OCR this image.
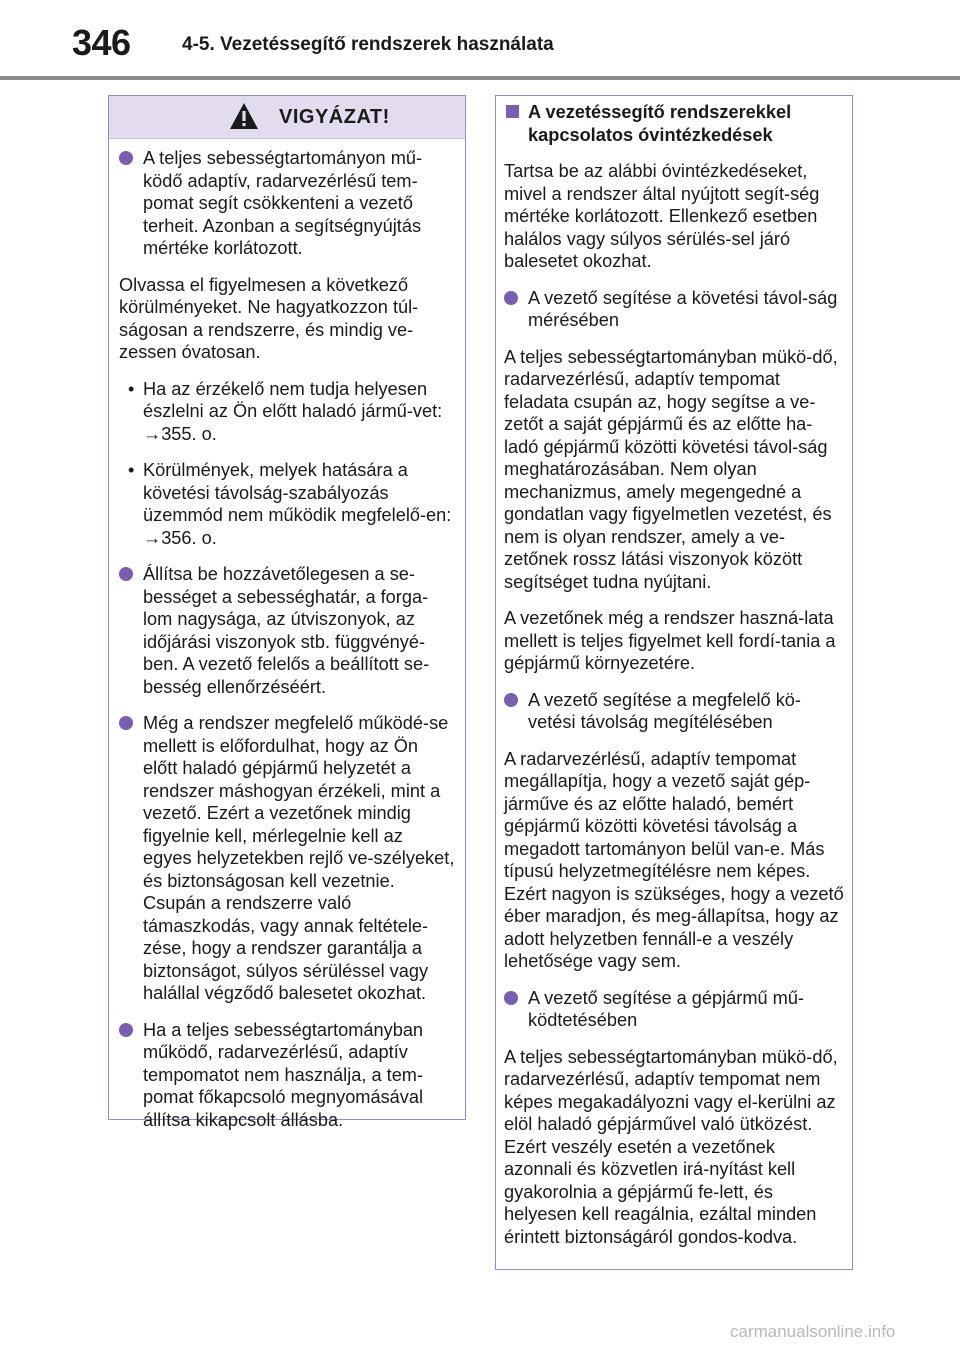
346	4-5. Vezetéssegítő rendszerek használata
VIGYÁZAT!
A teljes sebességtartományon mű-ködő adaptív, radarvezérlésű tem-pomat segít csökkenteni a vezető terheit. Azonban a segítségnyújtás mértéke korlátozott.
Olvassa el figyelmesen a következő körülményeket. Ne hagyatkozzon túl-ságosan a rendszerre, és mindig ve-zessen óvatosan.
• Ha az érzékelő nem tudja helyesen észlelni az Ön előtt haladó jármű-vet: →355. o.
• Körülmények, melyek hatására a követési távolság-szabályozás üzemmód nem működik megfelelő-en: →356. o.
Állítsa be hozzávetőlegesen a se-bességet a sebességhatár, a forga-lom nagysága, az útviszonyok, az időjárási viszonyok stb. függvényé-ben. A vezető felelős a beállított se-besség ellenőrzéséért.
Még a rendszer megfelelő működé-se mellett is előfordulhat, hogy az Ön előtt haladó gépjármű helyzetét a rendszer máshogyan érzékeli, mint a vezető. Ezért a vezetőnek mindig figyelnie kell, mérlegelnie kell az egyes helyzetekben rejlő ve-szélyeket, és biztonságosan kell vezetnie. Csupán a rendszerre való támaszkodás, vagy annak feltétele-zése, hogy a rendszer garantálja a biztonságot, súlyos sérüléssel vagy halállal végződő balesetet okozhat.
Ha a teljes sebességtartományban működő, radarvezérlésű, adaptív tempomatot nem használja, a tem-pomat főkapcsoló megnyomásával állítsa kikapcsolt állásba.
A vezetéssegítő rendszerekkel kapcsolatos óvintézkedések
Tartsa be az alábbi óvintézkedéseket, mivel a rendszer által nyújtott segít-ség mértéke korlátozott. Ellenkező esetben halálos vagy súlyos sérülés-sel járó balesetet okozhat.
A vezető segítése a követési távol-ság mérésében
A teljes sebességtartományban mükö-dő, radarvezérlésű, adaptív tempomat feladata csupán az, hogy segítse a ve-zetőt a saját gépjármű és az előtte ha-ladó gépjármű közötti követési távol-ság meghatározásában. Nem olyan mechanizmus, amely megengedné a gondatlan vagy figyelmetlen vezetést, és nem is olyan rendszer, amely a ve-zetőnek rossz látási viszonyok között segítséget tudna nyújtani.
A vezetőnek még a rendszer haszná-lata mellett is teljes figyelmet kell fordí-tania a gépjármű környezetére.
A vezető segítése a megfelelő kö-vetési távolság megítélésében
A radarvezérlésű, adaptív tempomat megállapítja, hogy a vezető saját gép-járműve és az előtte haladó, bemért gépjármű közötti követési távolság a megadott tartományon belül van-e. Más típusú helyzetmegítélésre nem képes. Ezért nagyon is szükséges, hogy a vezető éber maradjon, és meg-állapítsa, hogy az adott helyzetben fennáll-e a veszély lehetősége vagy sem.
A vezető segítése a gépjármű mű-ködtetésében
A teljes sebességtartományban mükö-dő, radarvezérlésű, adaptív tempomat nem képes megakadályozni vagy el-kerülni az elöl haladó gépjárművel való ütközést. Ezért veszély esetén a vezetőnek azonnali és közvetlen irá-nyítást kell gyakorolnia a gépjármű fe-lett, és helyesen kell reagálnia, ezáltal minden érintett biztonságáról gondos-kodva.
carmanualsonline.info
